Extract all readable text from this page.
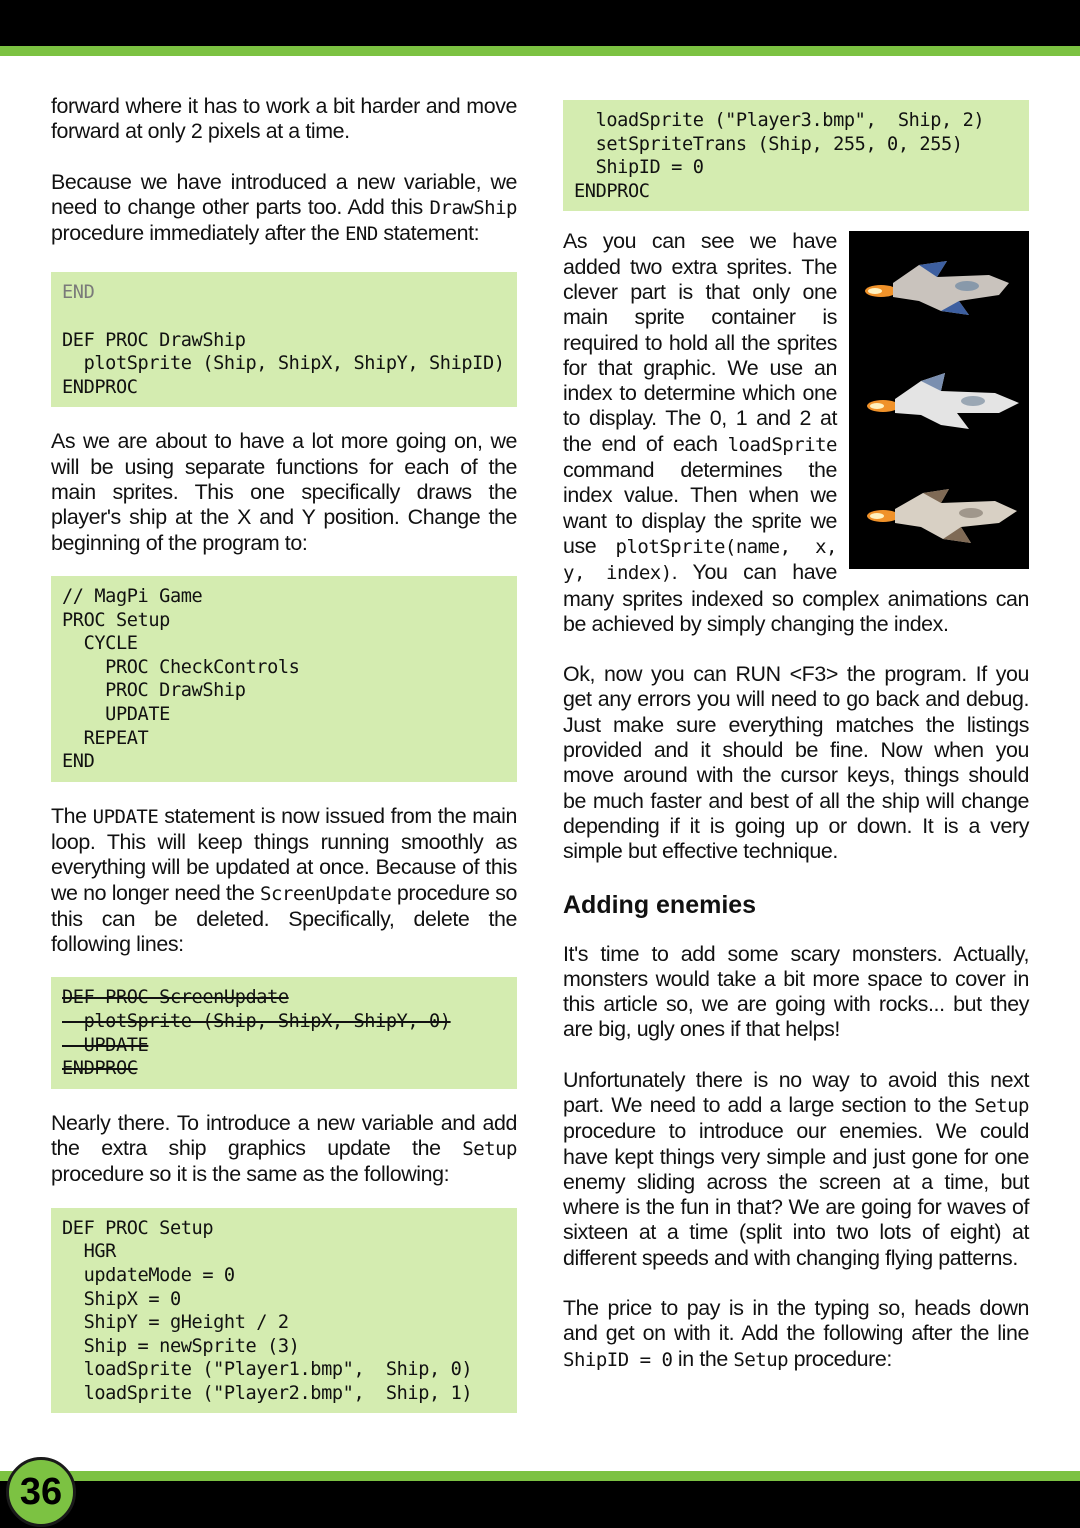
forward where it has to work a bit harder and move forward at only 2 pixels at a time.

Because we have introduced a new variable, we need to change other parts too. Add this DrawShip procedure immediately after the END statement:

END

DEF PROC DrawShip
plotSprite (Ship, ShipX, ShipY, ShipID)
ENDPROC

As we are about to have a lot more going on, we will be using separate functions for each of the main sprites. This one specifically draws the player's ship at the X and Y position. Change the beginning of the program to:

// MagPi Game
PROC Setup
CYCLE
PROC CheckControls
PROC DrawShip
UPDATE
REPEAT
END

The UPDATE statement is now issued from the main loop. This will keep things running smoothly as everything will be updated at once. Because of this we no longer need the ScreenUpdate procedure so this can be deleted. Specifically, delete the following lines:

DEF PROC ScreenUpdate
plotSprite (Ship, ShipX, ShipY, 0)
UPDATE
ENDPROC

Nearly there. To introduce a new variable and add the extra ship graphics update the Setup procedure so it is the same as the following:

DEF PROC Setup
HGR
updateMode = 0
ShipX = 0
ShipY = gHeight / 2
Ship = newSprite (3)
loadSprite ("Player1.bmp",  Ship, 0)
loadSprite ("Player2.bmp",  Ship, 1)
loadSprite ("Player3.bmp",  Ship, 2)
setSpriteTrans (Ship, 255, 0, 255)
ShipID = 0
ENDPROC

As you can see we have added two extra sprites. The clever part is that only one main sprite container is required to hold all the sprites for that graphic. We use an index to determine which one to display. The 0, 1 and 2 at the end of each loadSprite command determines the index value. Then when we want to display the sprite we use plotSprite(name, x, y, index). You can have many sprites indexed so complex animations can be achieved by simply changing the index.

Ok, now you can RUN <F3> the program. If you get any errors you will need to go back and debug. Just make sure everything matches the listings provided and it should be fine. Now when you move around with the cursor keys, things should be much faster and best of all the ship will change depending if it is going up or down. It is a very simple but effective technique.

Adding enemies

It's time to add some scary monsters. Actually, monsters would take a bit more space to cover in this article so, we are going with rocks... but they are big, ugly ones if that helps!

Unfortunately there is no way to avoid this next part. We need to add a large section to the Setup procedure to introduce our enemies. We could have kept things very simple and just gone for one enemy sliding across the screen at a time, but where is the fun in that? We are going for waves of sixteen at a time (split into two lots of eight) at different speeds and with changing flying patterns.

The price to pay is in the typing so, heads down and get on with it. Add the following after the line ShipID = 0 in the Setup procedure:

36
